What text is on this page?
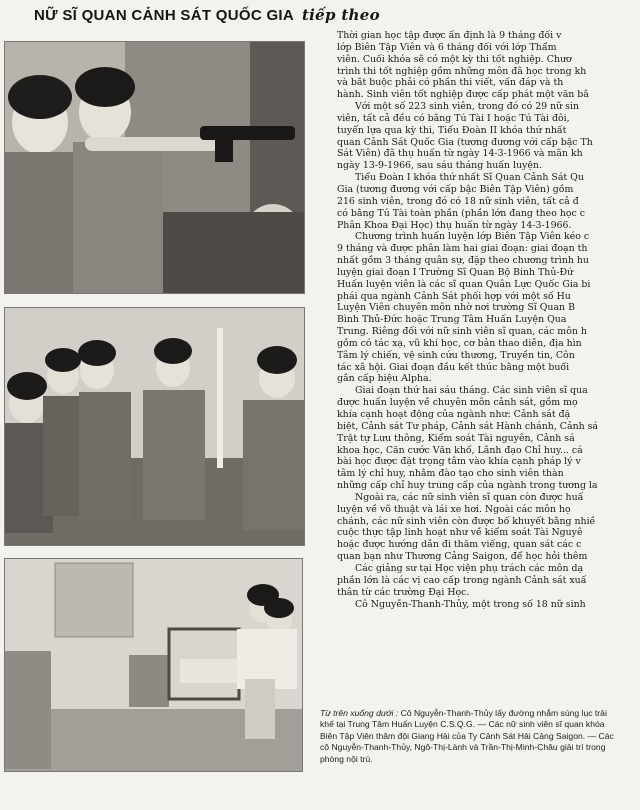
NỮ SĨ QUAN CẢNH SÁT QUỐC GIA tiếp theo
Thời gian học tập được ấn định là 9 tháng đối v
lớp Biên Tập Viên và 6 tháng đối với lớp Thẩm
viên. Cuối khóa sẽ có một kỳ thi tốt nghiệp. Chươ
trình thi tốt nghiệp gồm những môn đã học trong kh
và bắt buộc phải có phần thi viết, vấn đáp và th
hành. Sinh viên tốt nghiệp được cấp phát một văn bằ
Với một số 223 sinh viên, trong đó có 29 nữ sin
viên, tất cả đều có bằng Tú Tài I hoặc Tú Tài đôi,
tuyển lựa qua kỳ thi, Tiểu Đoàn II khóa thứ nhất
quan Cảnh Sát Quốc Gia (tương đương với cấp bậc Th
Sát Viên) đã thụ huấn từ ngày 14-3-1966 và mãn kh
ngày 13-9-1966, sau sáu tháng huấn luyện.
Tiểu Đoàn I khóa thứ nhất Sĩ Quan Cảnh Sát Qu
Gia (tương đương với cấp bậc Biên Tập Viên) gồm
216 sinh viên, trong đó có 18 nữ sinh viên, tất cả đ
có bằng Tú Tài toàn phần (phần lớn đang theo học c
Phân Khoa Đại Học) thụ huấn từ ngày 14-3-1966.
Chương trình huấn luyện lớp Biên Tập Viên kéo c
9 tháng và được phân làm hai giai đoạn: giai đoạn th
nhất gồm 3 tháng quân sự, đặp theo chương trình hu
luyện giai đoạn I Trường Sĩ Quan Bộ Binh Thủ-Đứ
Huấn luyện viên là các sĩ quan Quân Lực Quốc Gia bi
phái qua ngành Cảnh Sát phối hợp với một số Hu
Luyện Viên chuyên môn nhờ nơi trường Sĩ Quan B
Bình Thủ-Đức hoặc Trung Tâm Huấn Luyện Qua
Trung. Riêng đối với nữ sinh viên sĩ quan, các môn h
gồm có tác xạ, vũ khí học, cơ bản thao diễn, địa hìn
Tâm lý chiến, vệ sinh cứu thương, Truyền tin, Côn
tác xã hội. Giai đoạn đầu kết thúc bằng một buổi
gắn cấp hiệu Alpha.
Giai đoạn thứ hai sáu tháng. Các sinh viên sĩ qua
được huấn luyện về chuyên môn cảnh sát, gồm mọ
khía cạnh hoạt động của ngành như: Cảnh sát đặ
biệt, Cảnh sát Tư pháp, Cảnh sát Hành chánh, Cảnh sá
Trật tự Lưu thông, Kiểm soát Tài nguyên, Cảnh sá
khoa học, Căn cước Văn khố, Lãnh đạo Chỉ huy... cá
bài học được đặt trọng tâm vào khía cạnh pháp lý v
tâm lý chỉ huy, nhằm đào tạo cho sinh viên thàn
những cấp chỉ huy trung cấp của ngành trong tương la
Ngoài ra, các nữ sinh viên sĩ quan còn được huấ
luyện về võ thuật và lái xe hơi. Ngoài các môn họ
chánh, các nữ sinh viên còn được bố khuyết bằng nhiề
cuộc thực tập linh hoạt như về kiểm soát Tài Nguyê
hoặc được hướng dẫn đi thăm viếng, quan sát các c
quan bạn như Thương Cảng Saigon, để học hỏi thêm
Các giảng sư tại Học viện phụ trách các môn dạ
phần lớn là các vị cao cấp trong ngành Cảnh sát xuấ
thân từ các trường Đại Học.
Cô Nguyễn-Thanh-Thủy, một trong số 18 nữ sinh
Từ trên xuống dưới : Cô Nguyễn-Thanh-Thủy lấy đường nhắm súng lục trải khế tại Trung Tâm Huấn Luyện C.S.Q.G. — Các nữ sinh viên sĩ quan khóa Biên Tập Viên thăm đội Giang Hải của Ty Cảnh Sát Hải Cảng Saigon. — Các cô Nguyễn-Thanh-Thủy, Ngô-Thị-Lành và Trần-Thị-Minh-Châu giải trí trong phòng nội trú.
